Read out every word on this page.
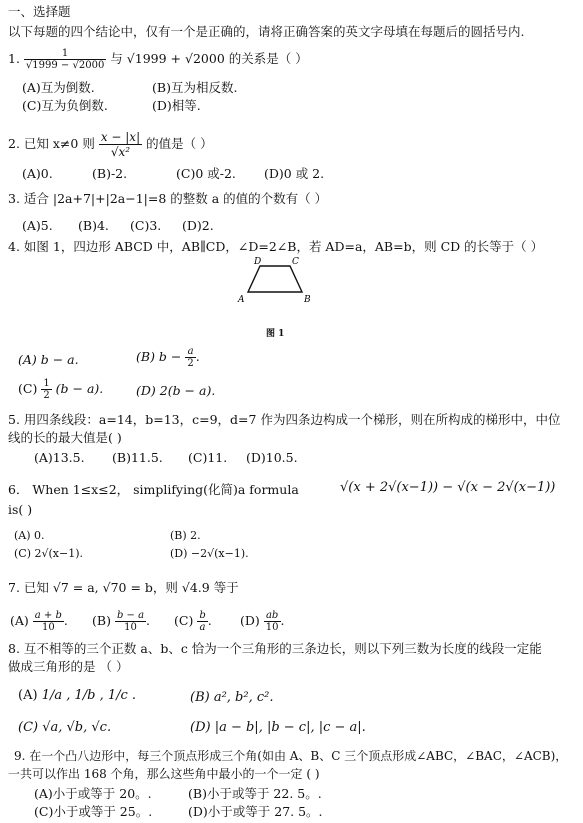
一、选择题
以下每题的四个结论中，仅有一个是正确的，请将正确答案的英文字母填在每题后的圆括号内.
1. $\frac{1}{√1999 - √2000}$ 与 √1999 + √2000 的关系是（ ）
(A)互为倒数.	(B)互为相反数.
(C)互为负倒数.	(D)相等.
2. 已知 x≠0 则 $\frac{x - |x|}{\text{√x²}}$ 的值是（ ）
(A)0.	(B)-2.	(C)0 或-2. (D)0 或 2.
3. 适合 |2a+7|+|2a−1|=8 的整数 a 的值的个数有（ ）
(A)5. (B)4. (C)3. (D)2.
4. 如图 1，四边形 ABCD 中，AB∥CD，∠D=2∠B，若 AD=a，AB=b，则 CD 的长等于（ ）
A	B
C
D
图 1
(A) b − a.	(B) $b - \frac{a}{2}$ .
$(C) \frac{1}{2} (b - a)$.	(D) 2(b − a).
5. 用四条线段：a=14，b=13，c=9，d=7 作为四条边构成一个梯形，则在所构成的梯形中，中位
线的长的最大值是( )
(A)13.5. (B)11.5. (C)11. (D)10.5.
6． When 1≤x≤2， simplifying(化简)a formula	√(x + 2√(x−1)) − √(x − 2√(x−1))
is( )
(A) 0.	(B) 2.
(C) 2√(x−1).	(D) −2√(x−1).
7. 已知 √7 = a, √70 = b，则 √4.9 等于
$(A) \frac{a + b}{10}$ . $(B) \frac{b - a}{10}$ . $(C) \frac{b}{a}$ . $(D) \frac{ab}{10}$ .
8. 互不相等的三个正数 a、b、c 恰为一个三角形的三条边长，则以下列三数为长度的线段一定能
做成三角形的是 （ ）
(A) 1/a , 1/b , 1/c .	(B) a², b², c².
(C) √a, √b, √c.	(D) |a − b|, |b − c|, |c − a|.
9. 在一个凸八边形中，每三个顶点形成三个角(如由 A、B、C 三个顶点形成∠ABC，∠BAC，∠ACB)，
一共可以作出 168 个角，那么这些角中最小的一个一定 ( )
(A)小于或等于 20。.	(B)小于或等于 22. 5。.
(C)小于或等于 25。.	(D)小于或等于 27. 5。.
